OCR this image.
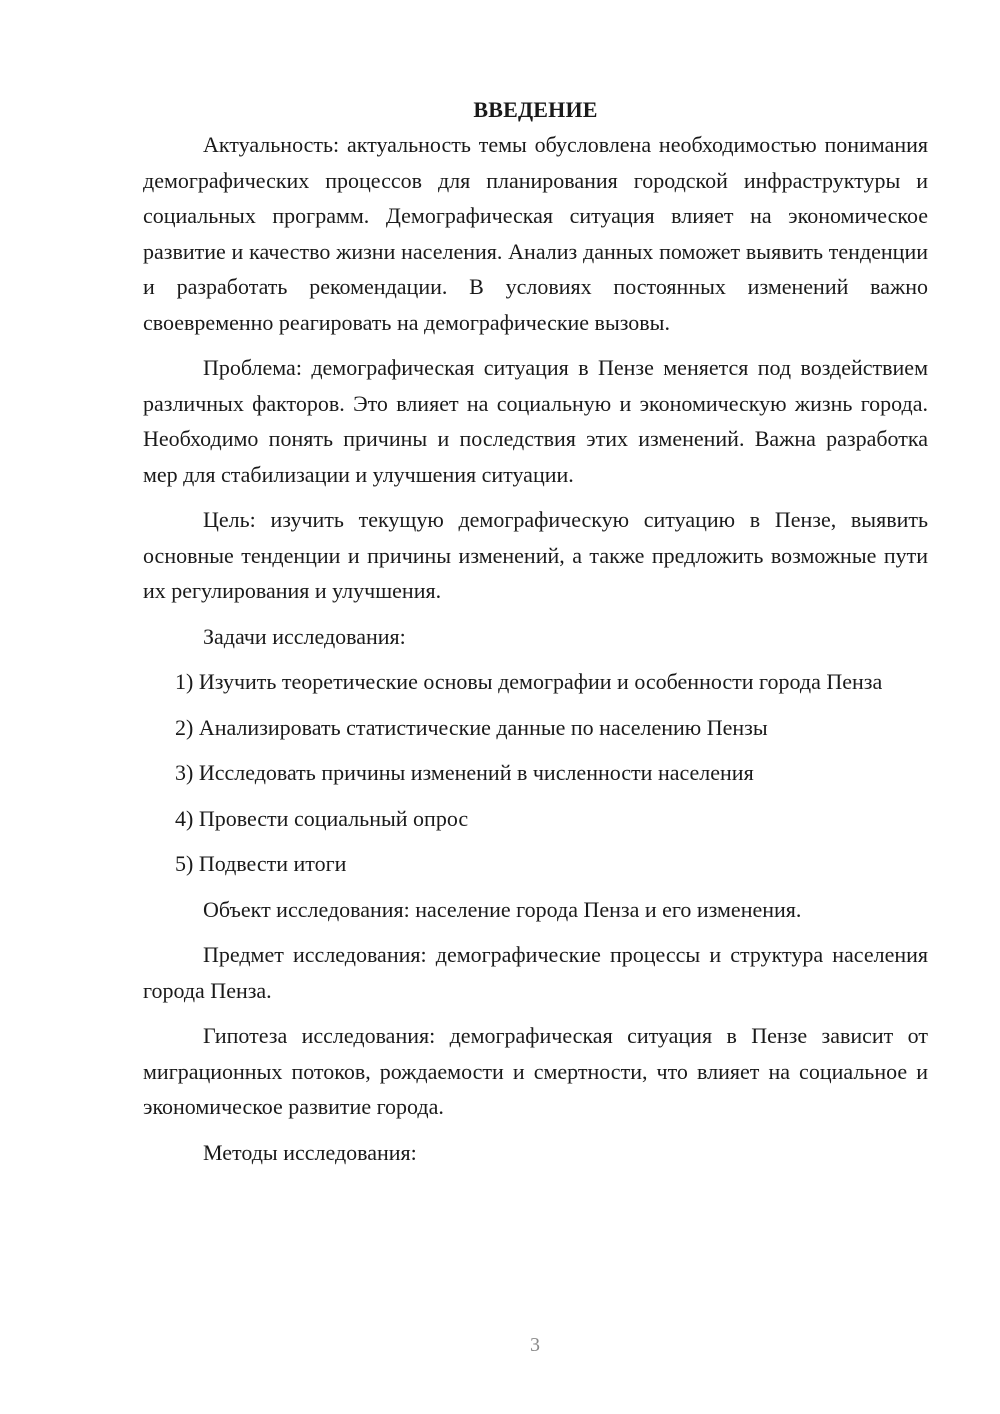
ВВЕДЕНИЕ

Актуальность: актуальность темы обусловлена необходимостью понимания демографических процессов для планирования городской инфраструктуры и социальных программ. Демографическая ситуация влияет на экономическое развитие и качество жизни населения. Анализ данных поможет выявить тенденции и разработать рекомендации. В условиях постоянных изменений важно своевременно реагировать на демографические вызовы.

Проблема: демографическая ситуация в Пензе меняется под воздействием различных факторов. Это влияет на социальную и экономическую жизнь города. Необходимо понять причины и последствия этих изменений. Важна разработка мер для стабилизации и улучшения ситуации.

Цель: изучить текущую демографическую ситуацию в Пензе, выявить основные тенденции и причины изменений, а также предложить возможные пути их регулирования и улучшения.

Задачи исследования:

1) Изучить теоретические основы демографии и особенности города Пенза

2) Анализировать статистические данные по населению Пензы

3) Исследовать причины изменений в численности населения

4) Провести социальный опрос

5) Подвести итоги

Объект исследования: население города Пенза и его изменения.

Предмет исследования: демографические процессы и структура населения города Пенза.

Гипотеза исследования: демографическая ситуация в Пензе зависит от миграционных потоков, рождаемости и смертности, что влияет на социальное и экономическое развитие города.

Методы исследования:

3
